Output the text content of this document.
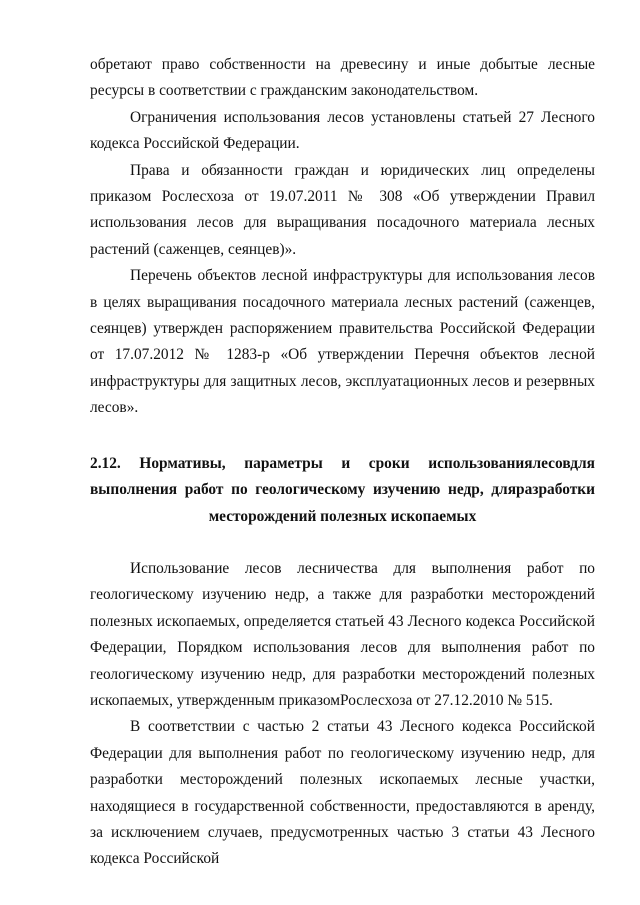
обретают право собственности на древесину и иные добытые лесные ресурсы в соответствии с гражданским законодательством.

Ограничения использования лесов установлены статьей 27 Лесного кодекса Российской Федерации.

Права и обязанности граждан и юридических лиц определены приказом Рослесхоза от 19.07.2011 № 308 «Об утверждении Правил использования лесов для выращивания посадочного материала лесных растений (саженцев, сеянцев)».

Перечень объектов лесной инфраструктуры для использования лесов в целях выращивания посадочного материала лесных растений (саженцев, сеянцев) утвержден распоряжением правительства Российской Федерации от 17.07.2012 № 1283-р «Об утверждении Перечня объектов лесной инфраструктуры для защитных лесов, эксплуатационных лесов и резервных лесов».

2.12. Нормативы, параметры и сроки использованиялесовдля выполнения работ по геологическому изучению недр, дляразработки месторождений полезных ископаемых

Использование лесов лесничества для выполнения работ по геологическому изучению недр, а также для разработки месторождений полезных ископаемых, определяется статьей 43 Лесного кодекса Российской Федерации, Порядком использования лесов для выполнения работ по геологическому изучению недр, для разработки месторождений полезных ископаемых, утвержденным приказомРослесхоза от 27.12.2010 № 515.

В соответствии с частью 2 статьи 43 Лесного кодекса Российской Федерации для выполнения работ по геологическому изучению недр, для разработки месторождений полезных ископаемых лесные участки, находящиеся в государственной собственности, предоставляются в аренду, за исключением случаев, предусмотренных частью 3 статьи 43 Лесного кодекса Российской
